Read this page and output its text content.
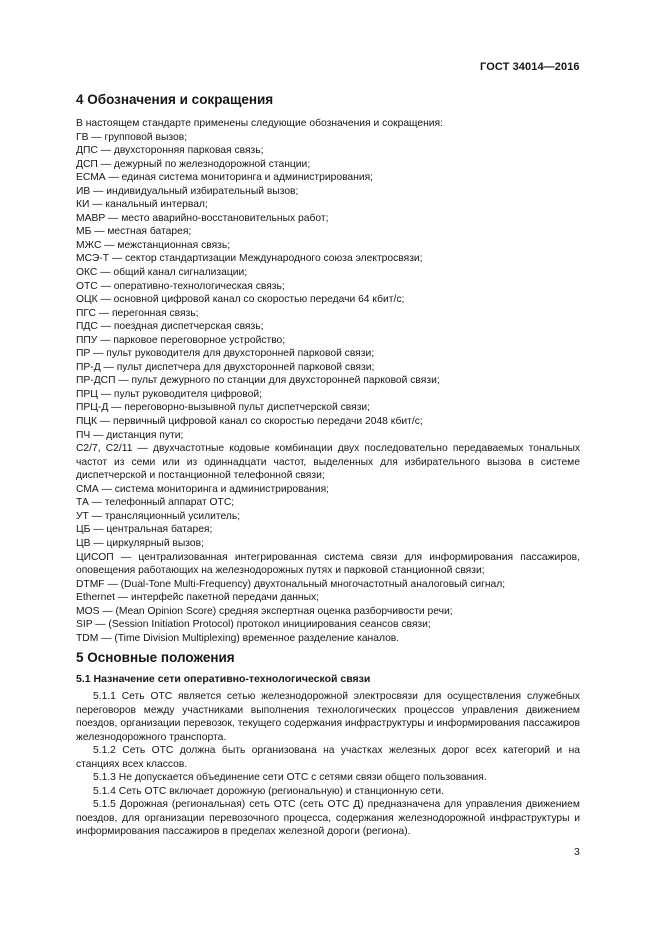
ГОСТ 34014—2016
4 Обозначения и сокращения

В настоящем стандарте применены следующие обозначения и сокращения:

ГВ — групповой вызов;

ДПС — двухсторонняя парковая связь;

ДСП — дежурный по железнодорожной станции;

ЕСМА — единая система мониторинга и администрирования;

ИВ — индивидуальный избирательный вызов;

КИ — канальный интервал;

МАВР — место аварийно-восстановительных работ;

МБ — местная батарея;

МЖС — межстанционная связь;

МСЭ-Т — сектор стандартизации Международного союза электросвязи;

ОКС — общий канал сигнализации;

ОТС — оперативно-технологическая связь;

ОЦК — основной цифровой канал со скоростью передачи 64 кбит/с;

ПГС — перегонная связь;

ПДС — поездная диспетчерская связь;

ППУ — парковое переговорное устройство;

ПР — пульт руководителя для двухсторонней парковой связи;

ПР-Д — пульт диспетчера для двухсторонней парковой связи;

ПР-ДСП — пульт дежурного по станции для двухсторонней парковой связи;

ПРЦ — пульт руководителя цифровой;

ПРЦ-Д — переговорно-вызывной пульт диспетчерской связи;

ПЦК — первичный цифровой канал со скоростью передачи 2048 кбит/с;

ПЧ — дистанция пути;

C2/7, C2/11 — двухчастотные кодовые комбинации двух последовательно передаваемых тональных частот из семи или из одиннадцати частот, выделенных для избирательного вызова в системе диспетчерской и постанционной телефонной связи;

СМА — система мониторинга и администрирования;

ТА — телефонный аппарат ОТС;

УТ — трансляционный усилитель;

ЦБ — центральная батарея;

ЦВ — циркулярный вызов;

ЦИСОП — централизованная интегрированная система связи для информирования пассажиров, оповещения работающих на железнодорожных путях и парковой станционной связи;

DTMF — (Dual-Tone Multi-Frequency) двухтональный многочастотный аналоговый сигнал;

Ethernet — интерфейс пакетной передачи данных;

MOS — (Mean Opinion Score) средняя экспертная оценка разборчивости речи;

SIP — (Session Initiation Protocol) протокол инициирования сеансов связи;

TDM — (Time Division Multiplexing) временное разделение каналов.

5 Основные положения
5.1 Назначение сети оперативно-технологической связи

5.1.1 Сеть ОТС является сетью железнодорожной электросвязи для осуществления служебных переговоров между участниками выполнения технологических процессов управления движением поездов, организации перевозок, текущего содержания инфраструктуры и информирования пассажиров железнодорожного транспорта.

5.1.2 Сеть ОТС должна быть организована на участках железных дорог всех категорий и на станциях всех классов.

5.1.3 Не допускается объединение сети ОТС с сетями связи общего пользования.

5.1.4 Сеть ОТС включает дорожную (региональную) и станционную сети.

5.1.5 Дорожная (региональная) сеть ОТС (сеть ОТС Д) предназначена для управления движением поездов, для организации перевозочного процесса, содержания железнодорожной инфраструктуры и информирования пассажиров в пределах железной дороги (региона).

3
